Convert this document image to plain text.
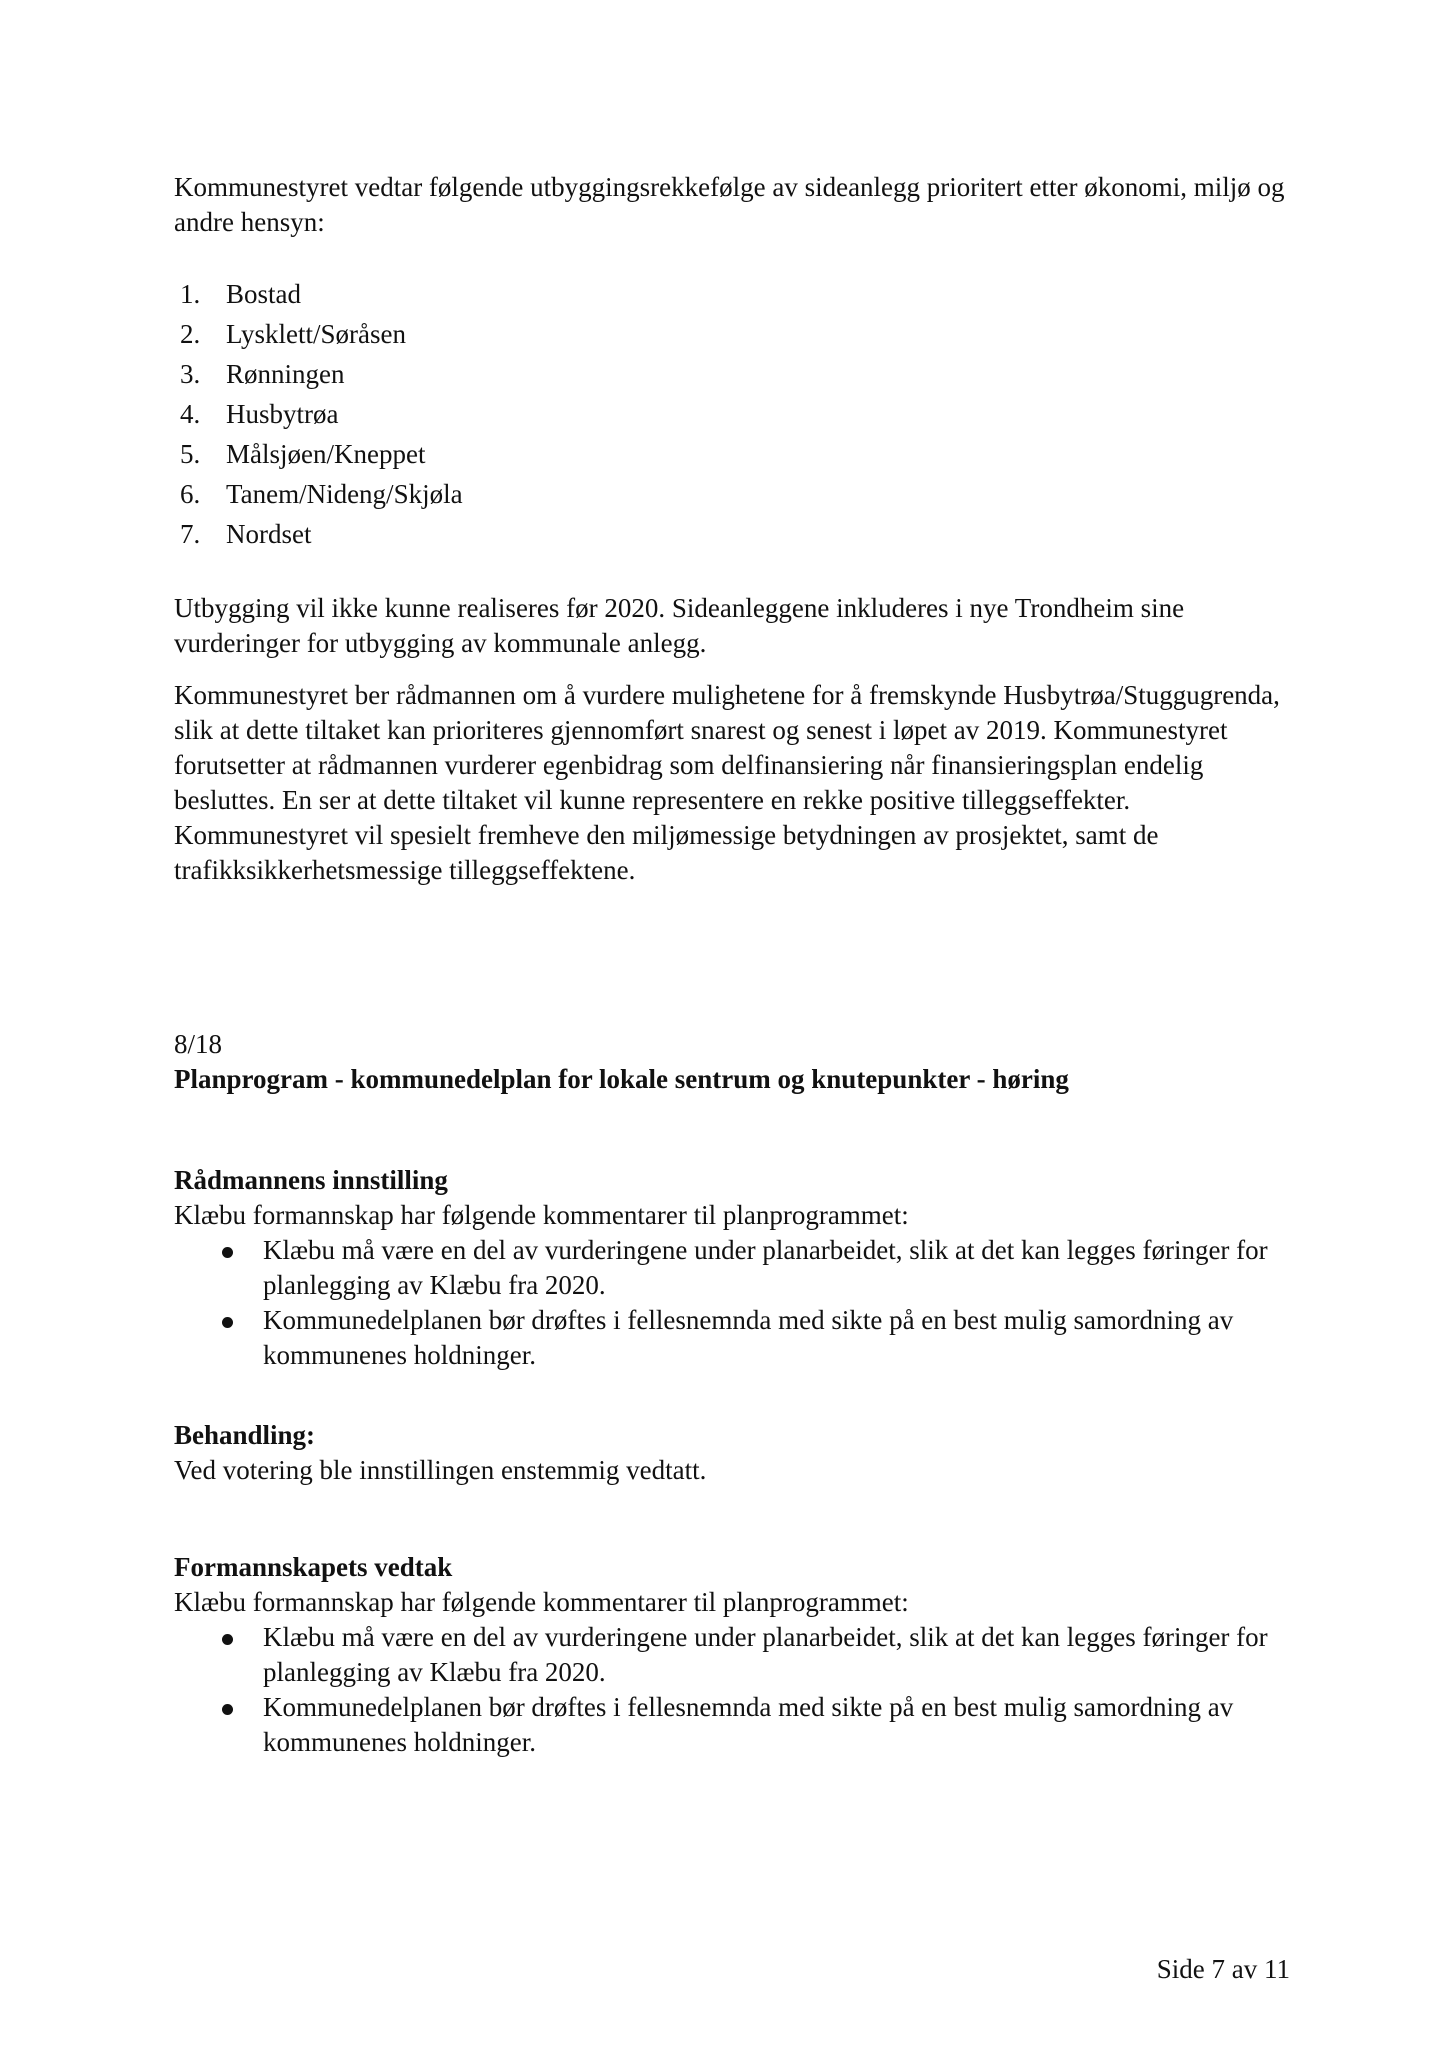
Kommunestyret vedtar følgende utbyggingsrekkefølge av sideanlegg prioritert etter økonomi, miljø og andre hensyn:

1. Bostad
2. Lysklett/Søråsen
3. Rønningen
4. Husbytrøa
5. Målsjøen/Kneppet
6. Tanem/Nideng/Skjøla
7. Nordset

Utbygging vil ikke kunne realiseres før 2020. Sideanleggene inkluderes i nye Trondheim sine vurderinger for utbygging av kommunale anlegg.

Kommunestyret ber rådmannen om å vurdere mulighetene for å fremskynde Husbytrøa/Stuggugrenda, slik at dette tiltaket kan prioriteres gjennomført snarest og senest i løpet av 2019. Kommunestyret forutsetter at rådmannen vurderer egenbidrag som delfinansiering når finansieringsplan endelig besluttes. En ser at dette tiltaket vil kunne representere en rekke positive tilleggseffekter. Kommunestyret vil spesielt fremheve den miljømessige betydningen av prosjektet, samt de trafikksikkerhetsmessige tilleggseffektene.

8/18

Planprogram - kommunedelplan for lokale sentrum og knutepunkter - høring

Rådmannens innstilling

Klæbu formannskap har følgende kommentarer til planprogrammet:

Klæbu må være en del av vurderingene under planarbeidet, slik at det kan legges føringer for planlegging av Klæbu fra 2020.
Kommunedelplanen bør drøftes i fellesnemnda med sikte på en best mulig samordning av kommunenes holdninger.

Behandling:

Ved votering ble innstillingen enstemmig vedtatt.

Formannskapets vedtak

Klæbu formannskap har følgende kommentarer til planprogrammet:

Klæbu må være en del av vurderingene under planarbeidet, slik at det kan legges føringer for planlegging av Klæbu fra 2020.
Kommunedelplanen bør drøftes i fellesnemnda med sikte på en best mulig samordning av kommunenes holdninger.
Side 7 av 11
